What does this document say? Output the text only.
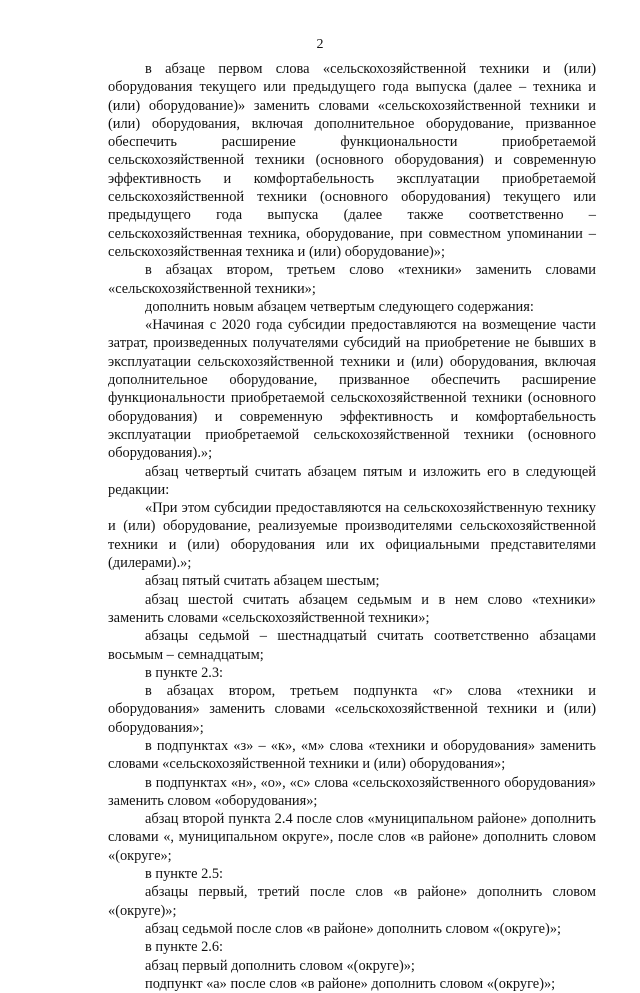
2

в абзаце первом слова «сельскохозяйственной техники и (или) оборудования текущего или предыдущего года выпуска (далее – техника и (или) оборудование)» заменить словами «сельскохозяйственной техники и (или) оборудования, включая дополнительное оборудование, призванное обеспечить расширение функциональности приобретаемой сельскохозяйственной техники (основного оборудования) и современную эффективность и комфортабельность эксплуатации приобретаемой сельскохозяйственной техники (основного оборудования) текущего или предыдущего года выпуска (далее также соответственно – сельскохозяйственная техника, оборудование, при совместном упоминании – сельскохозяйственная техника и (или) оборудование)»;

в абзацах втором, третьем слово «техники» заменить словами «сельскохозяйственной техники»;

дополнить новым абзацем четвертым следующего содержания:

«Начиная с 2020 года субсидии предоставляются на возмещение части затрат, произведенных получателями субсидий на приобретение не бывших в эксплуатации сельскохозяйственной техники и (или) оборудования, включая дополнительное оборудование, призванное обеспечить расширение функциональности приобретаемой сельскохозяйственной техники (основного оборудования) и современную эффективность и комфортабельность эксплуатации приобретаемой сельскохозяйственной техники (основного оборудования).»;

абзац четвертый считать абзацем пятым и изложить его в следующей редакции:

«При этом субсидии предоставляются на сельскохозяйственную технику и (или) оборудование, реализуемые производителями сельскохозяйственной техники и (или) оборудования или их официальными представителями (дилерами).»;

абзац пятый считать абзацем шестым;

абзац шестой считать абзацем седьмым и в нем слово «техники» заменить словами «сельскохозяйственной техники»;

абзацы седьмой – шестнадцатый считать соответственно абзацами восьмым – семнадцатым;

в пункте 2.3:

в абзацах втором, третьем подпункта «г» слова «техники и оборудования» заменить словами «сельскохозяйственной техники и (или) оборудования»;

в подпунктах «з» – «к», «м» слова «техники и оборудования» заменить словами «сельскохозяйственной техники и (или) оборудования»;

в подпунктах «н», «о», «с» слова «сельскохозяйственного оборудования» заменить словом «оборудования»;

абзац второй пункта 2.4 после слов «муниципальном районе» дополнить словами «, муниципальном округе», после слов «в районе» дополнить словом «(округе»;

в пункте 2.5:

абзацы первый, третий после слов «в районе» дополнить словом «(округе)»;

абзац седьмой после слов «в районе» дополнить словом «(округе)»;

в пункте 2.6:

абзац первый дополнить словом «(округе)»;

подпункт «а» после слов «в районе» дополнить словом «(округе)»;
